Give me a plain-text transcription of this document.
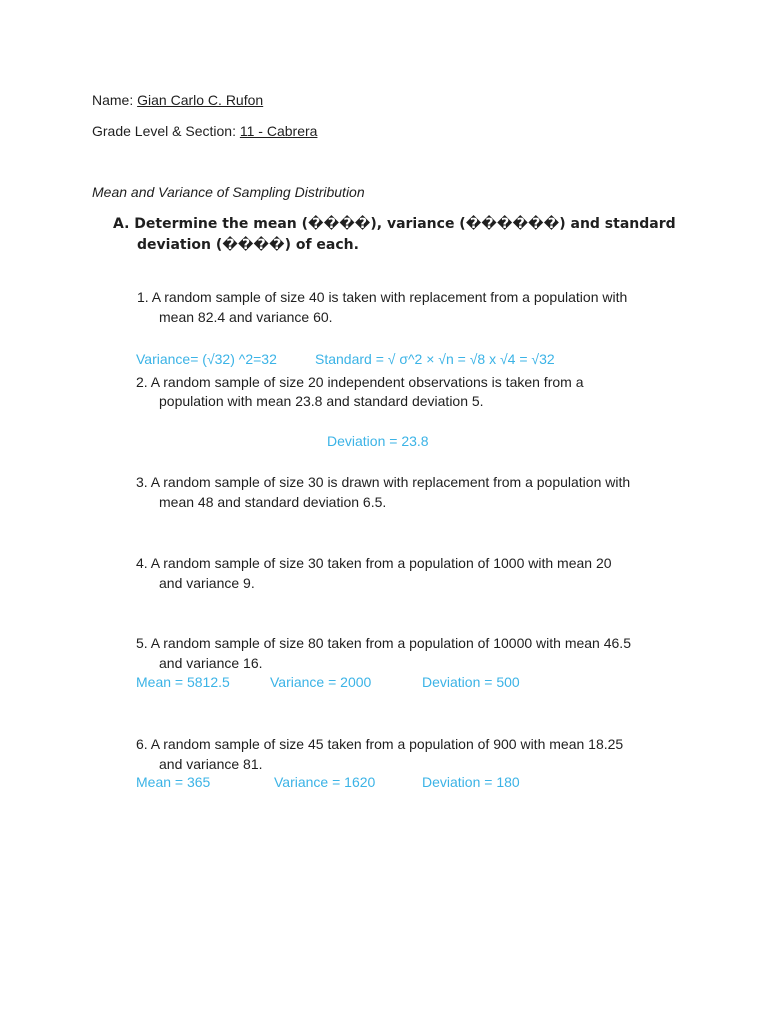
Name: Gian Carlo C. Rufon
Grade Level & Section: 11 - Cabrera
Mean and Variance of Sampling Distribution
A. Determine the mean (����), variance (������) and standard
deviation (����) of each.
1. A random sample of size 40 is taken with replacement from a population with
mean 82.4 and variance 60.
Variance= (√32) ^2=32	Standard = √ σ^2 × √n = √8 x √4 = √32
2. A random sample of size 20 independent observations is taken from a
population with mean 23.8 and standard deviation 5.
Deviation = 23.8
3. A random sample of size 30 is drawn with replacement from a population with
mean 48 and standard deviation 6.5.
4. A random sample of size 30 taken from a population of 1000 with mean 20
and variance 9.
5. A random sample of size 80 taken from a population of 10000 with mean 46.5
and variance 16.
Mean = 5812.5	Variance = 2000	Deviation = 500
6. A random sample of size 45 taken from a population of 900 with mean 18.25
and variance 81.
Mean = 365	Variance = 1620	Deviation = 180
